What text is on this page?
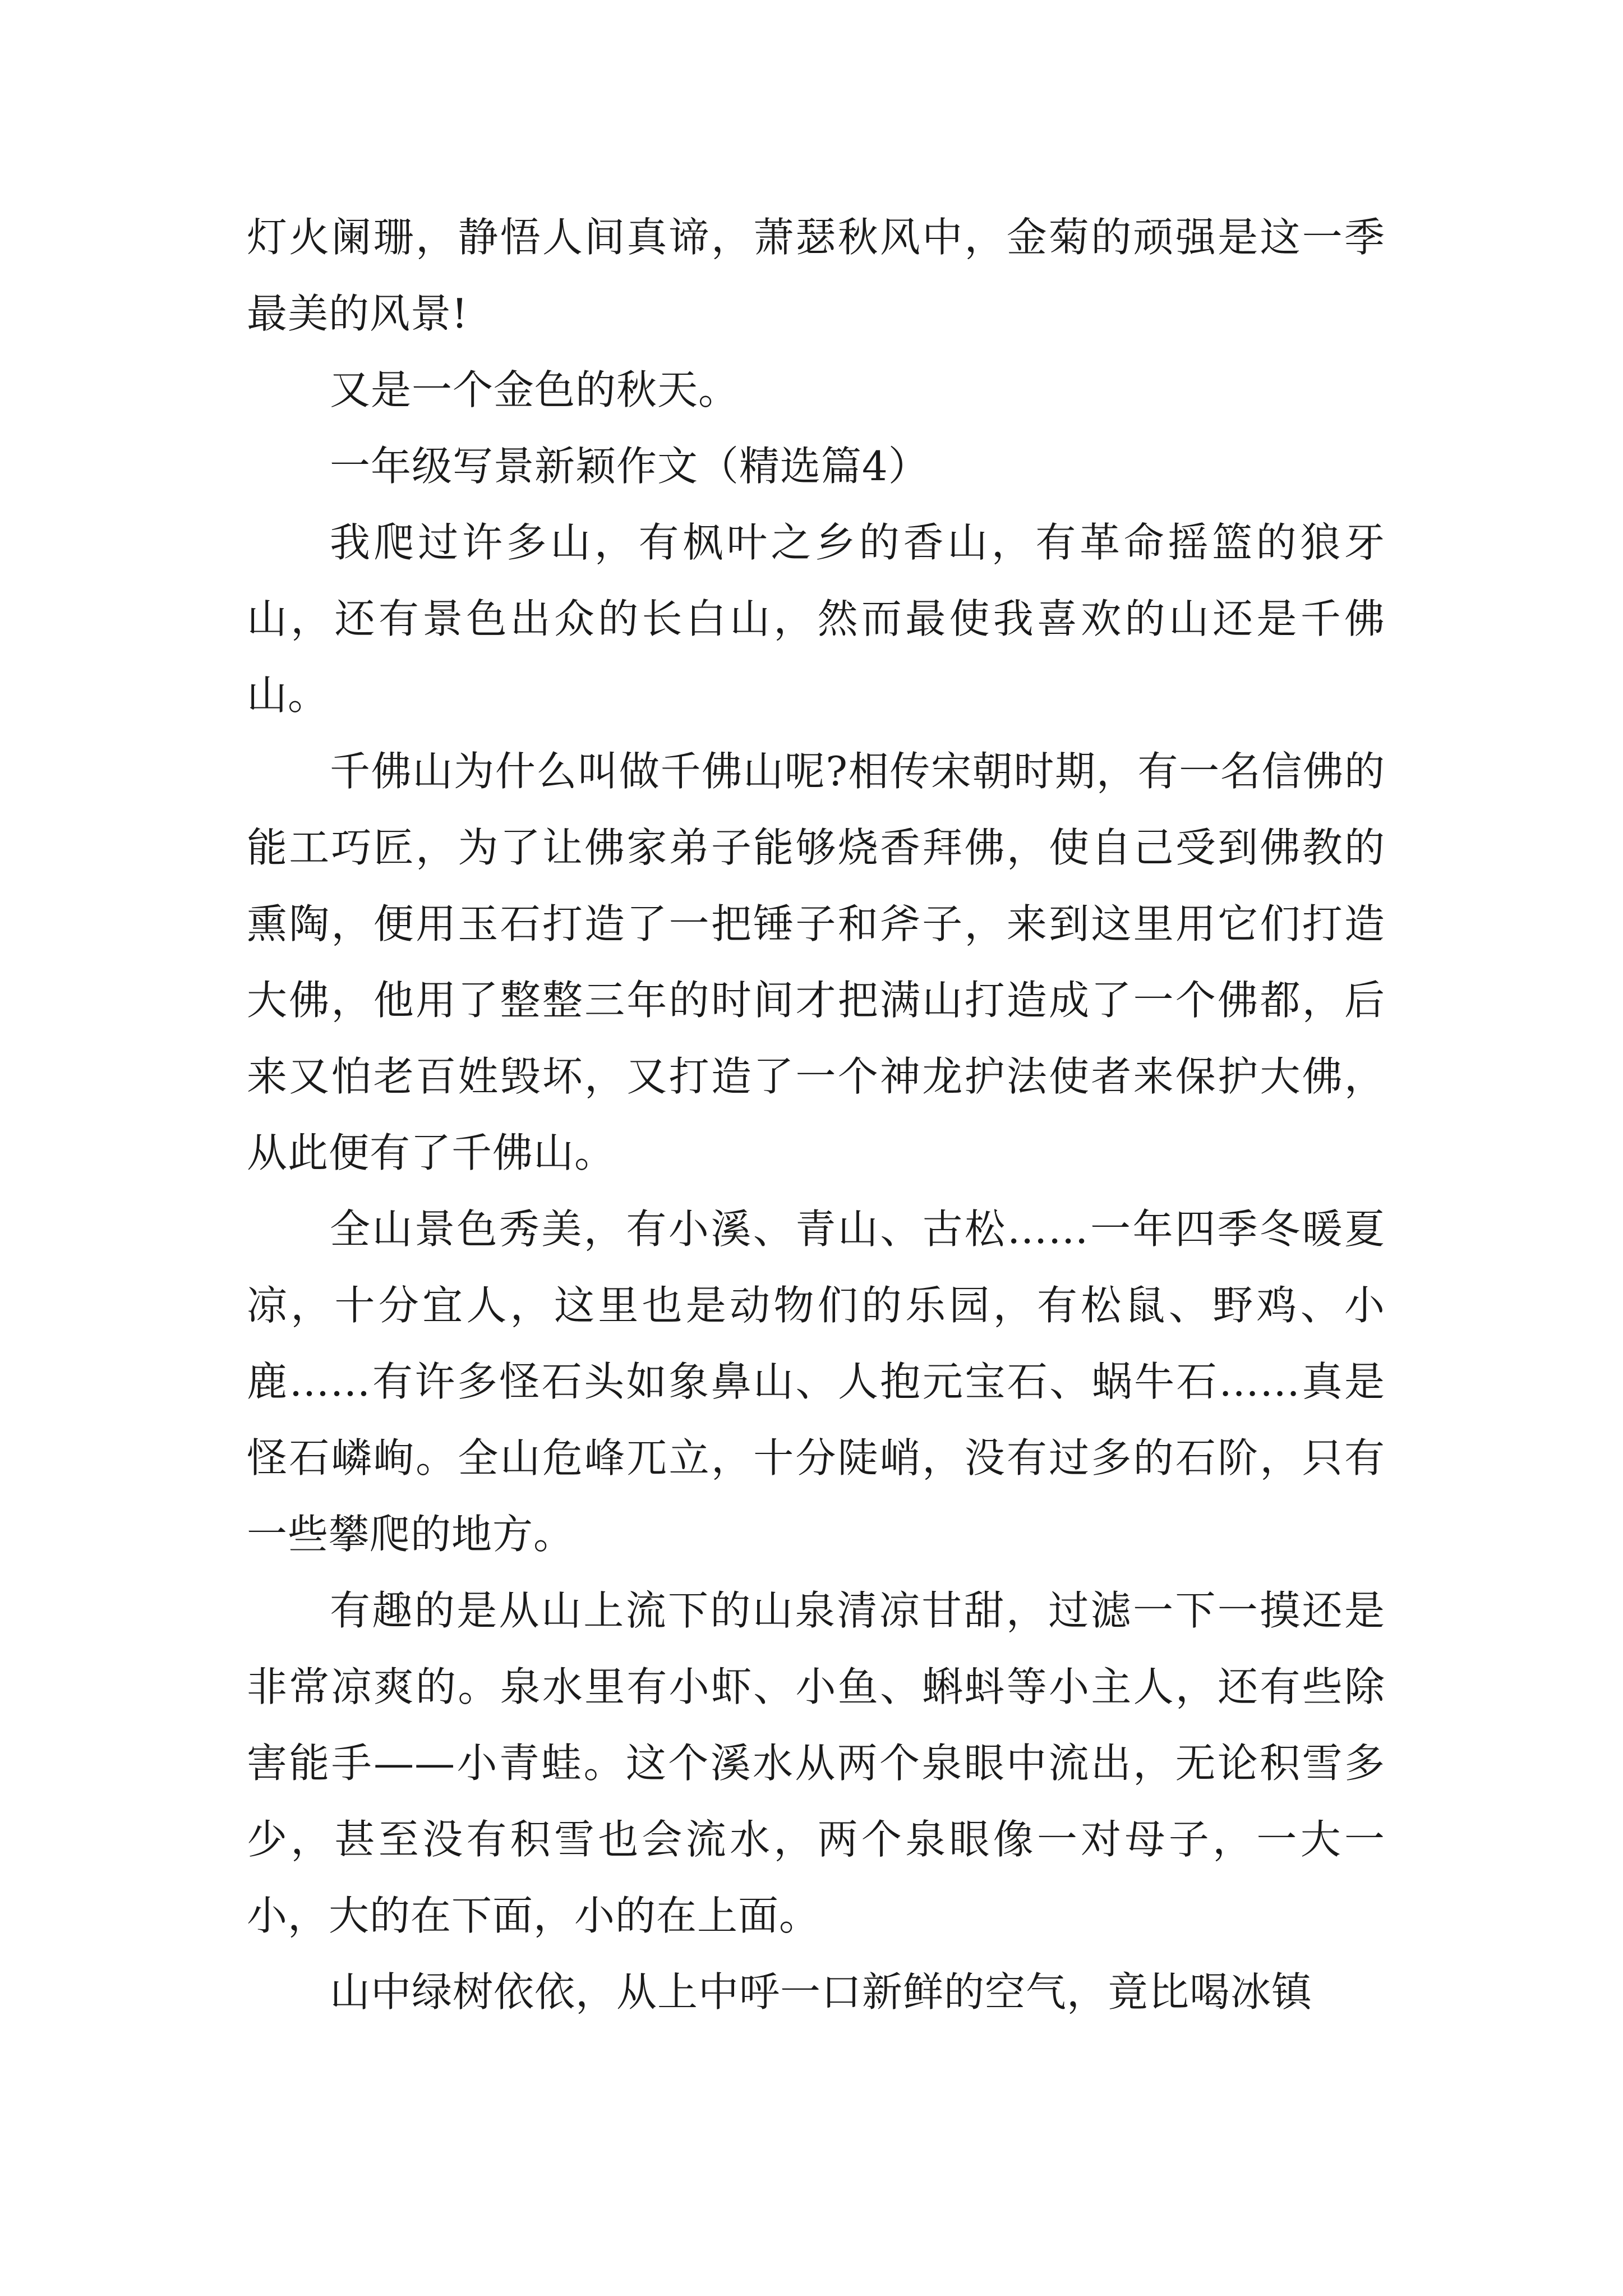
灯火阑珊，静悟人间真谛，萧瑟秋风中，金菊的顽强是这一季最美的风景!

又是一个金色的秋天。

一年级写景新颖作文（精选篇4）

我爬过许多山，有枫叶之乡的香山，有革命摇篮的狼牙山，还有景色出众的长白山，然而最使我喜欢的山还是千佛山。

千佛山为什么叫做千佛山呢?相传宋朝时期，有一名信佛的能工巧匠，为了让佛家弟子能够烧香拜佛，使自己受到佛教的熏陶，便用玉石打造了一把锤子和斧子，来到这里用它们打造大佛，他用了整整三年的时间才把满山打造成了一个佛都，后来又怕老百姓毁坏，又打造了一个神龙护法使者来保护大佛，从此便有了千佛山。

全山景色秀美，有小溪、青山、古松……一年四季冬暖夏凉，十分宜人，这里也是动物们的乐园，有松鼠、野鸡、小鹿……有许多怪石头如象鼻山、人抱元宝石、蜗牛石……真是怪石嶙峋。全山危峰兀立，十分陡峭，没有过多的石阶，只有一些攀爬的地方。

有趣的是从山上流下的山泉清凉甘甜，过滤一下一摸还是非常凉爽的。泉水里有小虾、小鱼、蝌蚪等小主人，还有些除害能手——小青蛙。这个溪水从两个泉眼中流出，无论积雪多少，甚至没有积雪也会流水，两个泉眼像一对母子，一大一小，大的在下面，小的在上面。

山中绿树依依，从上中呼一口新鲜的空气，竟比喝冰镇
